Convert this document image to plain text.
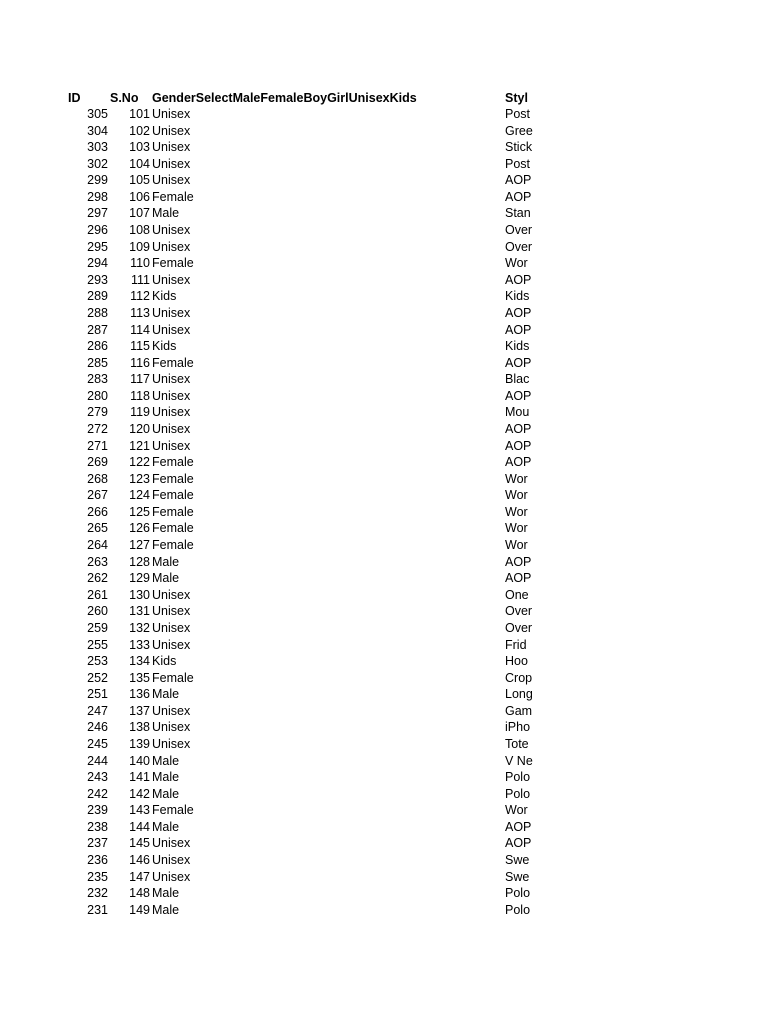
ID S.No GenderSelectMaleFemaleBoyGirlUnisexKids	Styl
305	101 Unisex	Post
304	102 Unisex	Gree
303	103 Unisex	Stick
302	104 Unisex	Post
299	105 Unisex	AOP
298	106 Female	AOP
297	107 Male	Stan
296	108 Unisex	Over
295	109 Unisex	Over
294	110 Female	Wor
293	111 Unisex	AOP
289	112 Kids	Kids
288	113 Unisex	AOP
287	114 Unisex	AOP
286	115 Kids	Kids
285	116 Female	AOP
283	117 Unisex	Blac
280	118 Unisex	AOP
279	119 Unisex	Mou
272	120 Unisex	AOP
271	121 Unisex	AOP
269	122 Female	AOP
268	123 Female	Wor
267	124 Female	Wor
266	125 Female	Wor
265	126 Female	Wor
264	127 Female	Wor
263	128 Male	AOP
262	129 Male	AOP
261	130 Unisex	One
260	131 Unisex	Over
259	132 Unisex	Over
255	133 Unisex	Frid
253	134 Kids	Hoo
252	135 Female	Crop
251	136 Male	Long
247	137 Unisex	Gam
246	138 Unisex	iPho
245	139 Unisex	Tote
244	140 Male	V Ne
243	141 Male	Polo
242	142 Male	Polo
239	143 Female	Wor
238	144 Male	AOP
237	145 Unisex	AOP
236	146 Unisex	Swe
235	147 Unisex	Swe
232	148 Male	Polo
231	149 Male	Polo
